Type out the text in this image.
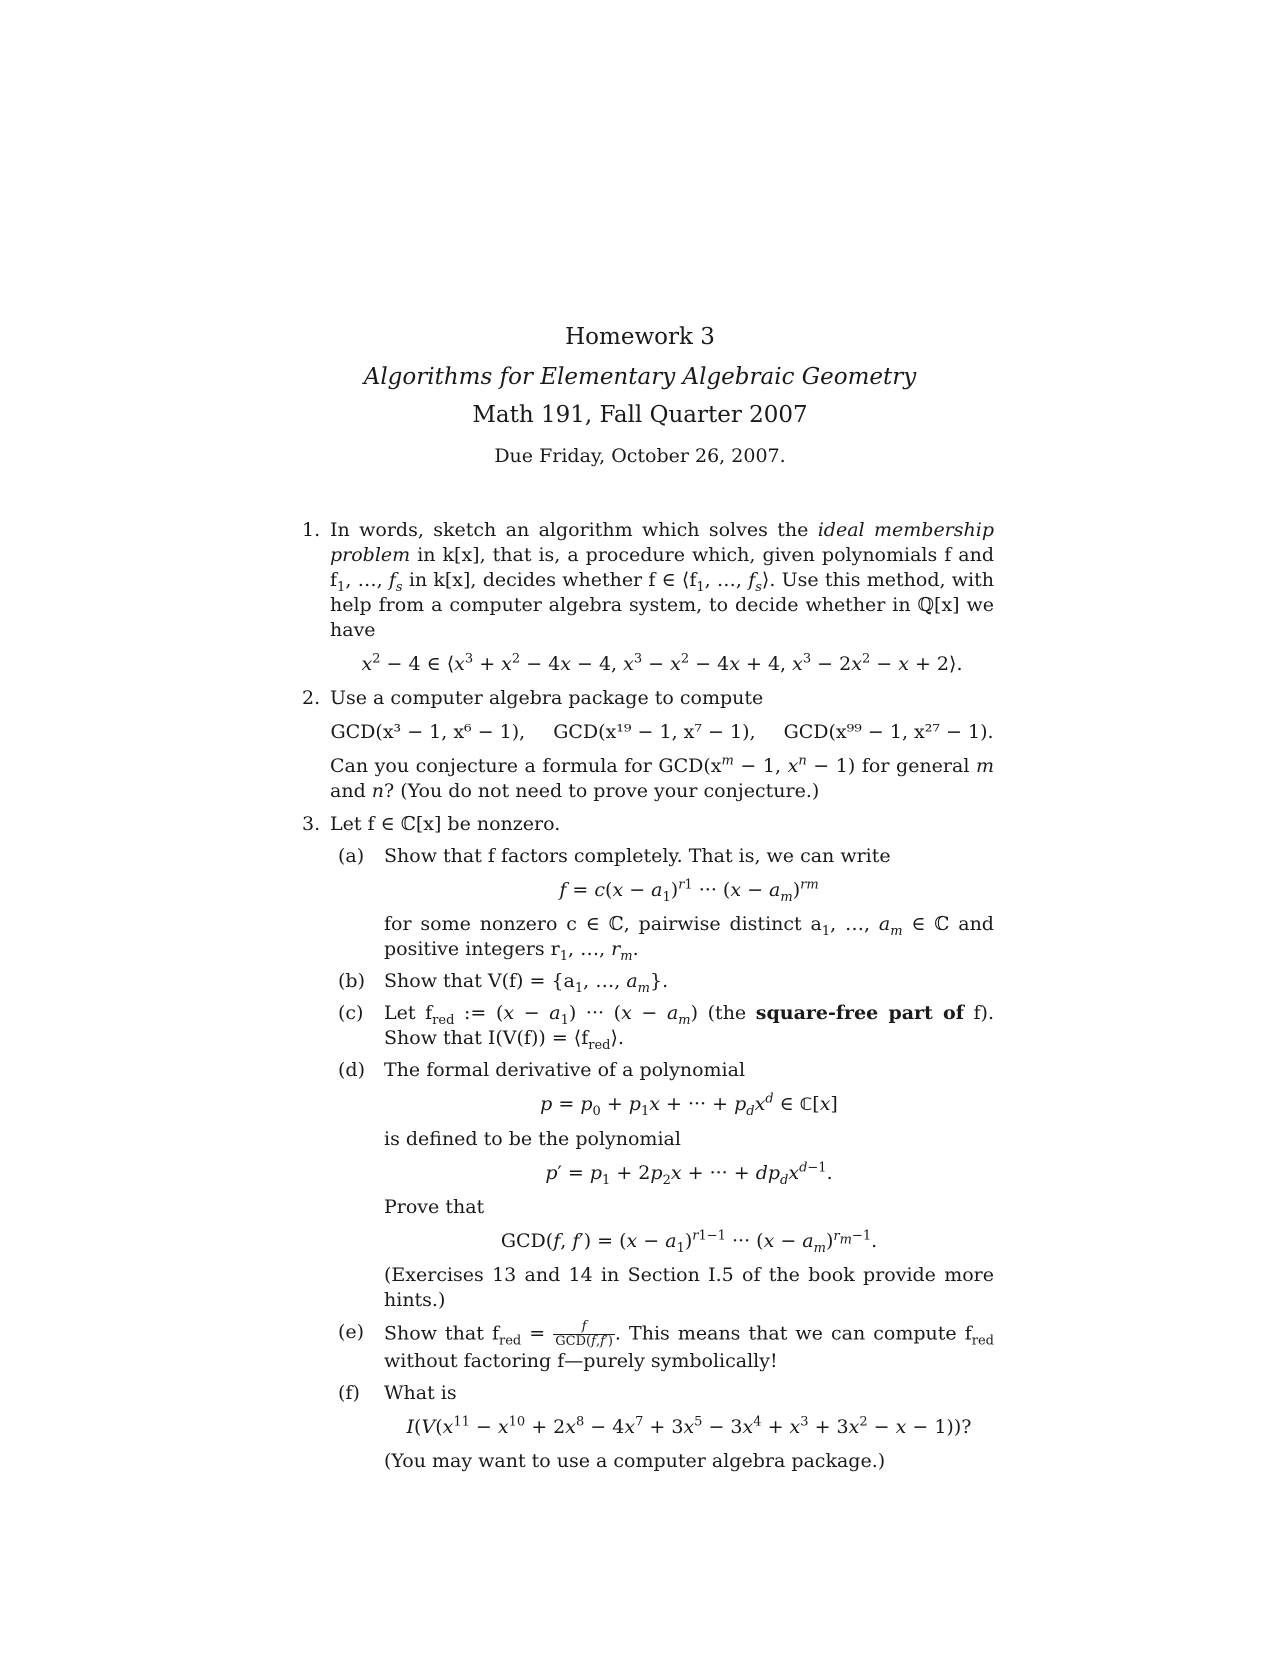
Homework 3

Algorithms for Elementary Algebraic Geometry

Math 191, Fall Quarter 2007

Due Friday, October 26, 2007.

1. In words, sketch an algorithm which solves the ideal membership problem in k[x], that is, a procedure which, given polynomials f and $f_1$, …, $f_s$ in k[x], decides whether f ∈ $⟨f_1$, …, $f_s⟩$. Use this method, with help from a computer algebra system, to decide whether in ℚ[x] we have

$x^2 - 4$ ∈ $⟨x^3 + x^2 - 4x - 4$, $x^3 - x^2 - 4x + 4$, $x^3 - 2x^2 - x$ + 2⟩.
2. Use a computer algebra package to compute

GCD(x³ − 1, x⁶ − 1), GCD(x¹⁹ − 1, x⁷ − 1), GCD(x⁹⁹ − 1, x²⁷ − 1).

Can you conjecture a formula for $GCD(x^m - 1$, $x^n - 1$) for general m and n? (You do not need to prove your conjecture.)

3. Let f ∈ ℂ[x] be nonzero.

(a) Show that f factors completely. That is, we can write

$f = c(x - a_1)^{r1}$ ··· $(x - a_m)^{rm}$

for some nonzero c ∈ ℂ, pairwise distinct $a_1$, …, $a_m$ ∈ ℂ and positive integers $r_1$, …, $r_m$.

(b) Show that $V(f) = \{a_1$, …, $a_m$}.

(c) Let $f_{red}$ := $(x - a_1)$ ··· $(x - a_m)$ (the square-free part of f). Show that $I(V(f)) = ⟨f_{red}⟩$.

(d) The formal derivative of a polynomial

$p = p_0 + p_1x$ + ··· + $p_dx^d$ ∈ ℂ[x]

is defined to be the polynomial

$p' = p_1 + 2p_2x$ + ··· + $dp_dx^{d-1}$.

Prove that

GCD(f, $f') = (x - a_1)^{r1-1}$ ··· $(x - a_m)^{r_m-1}$.

(Exercises 13 and 14 in Section I.5 of the book provide more hints.)

(e) Show that $f_{red} = \frac{f}{\text{GCD(f,f′)}}$ . This means that we can compute $f_{red}$ without factoring f—purely symbolically!

(f) What is

$I(V(x^{11} - x^{10} + 2x^8 - 4x^7 + 3x^5 - 3x^4 + x^3 + 3x^2 - x - 1))$?

(You may want to use a computer algebra package.)
